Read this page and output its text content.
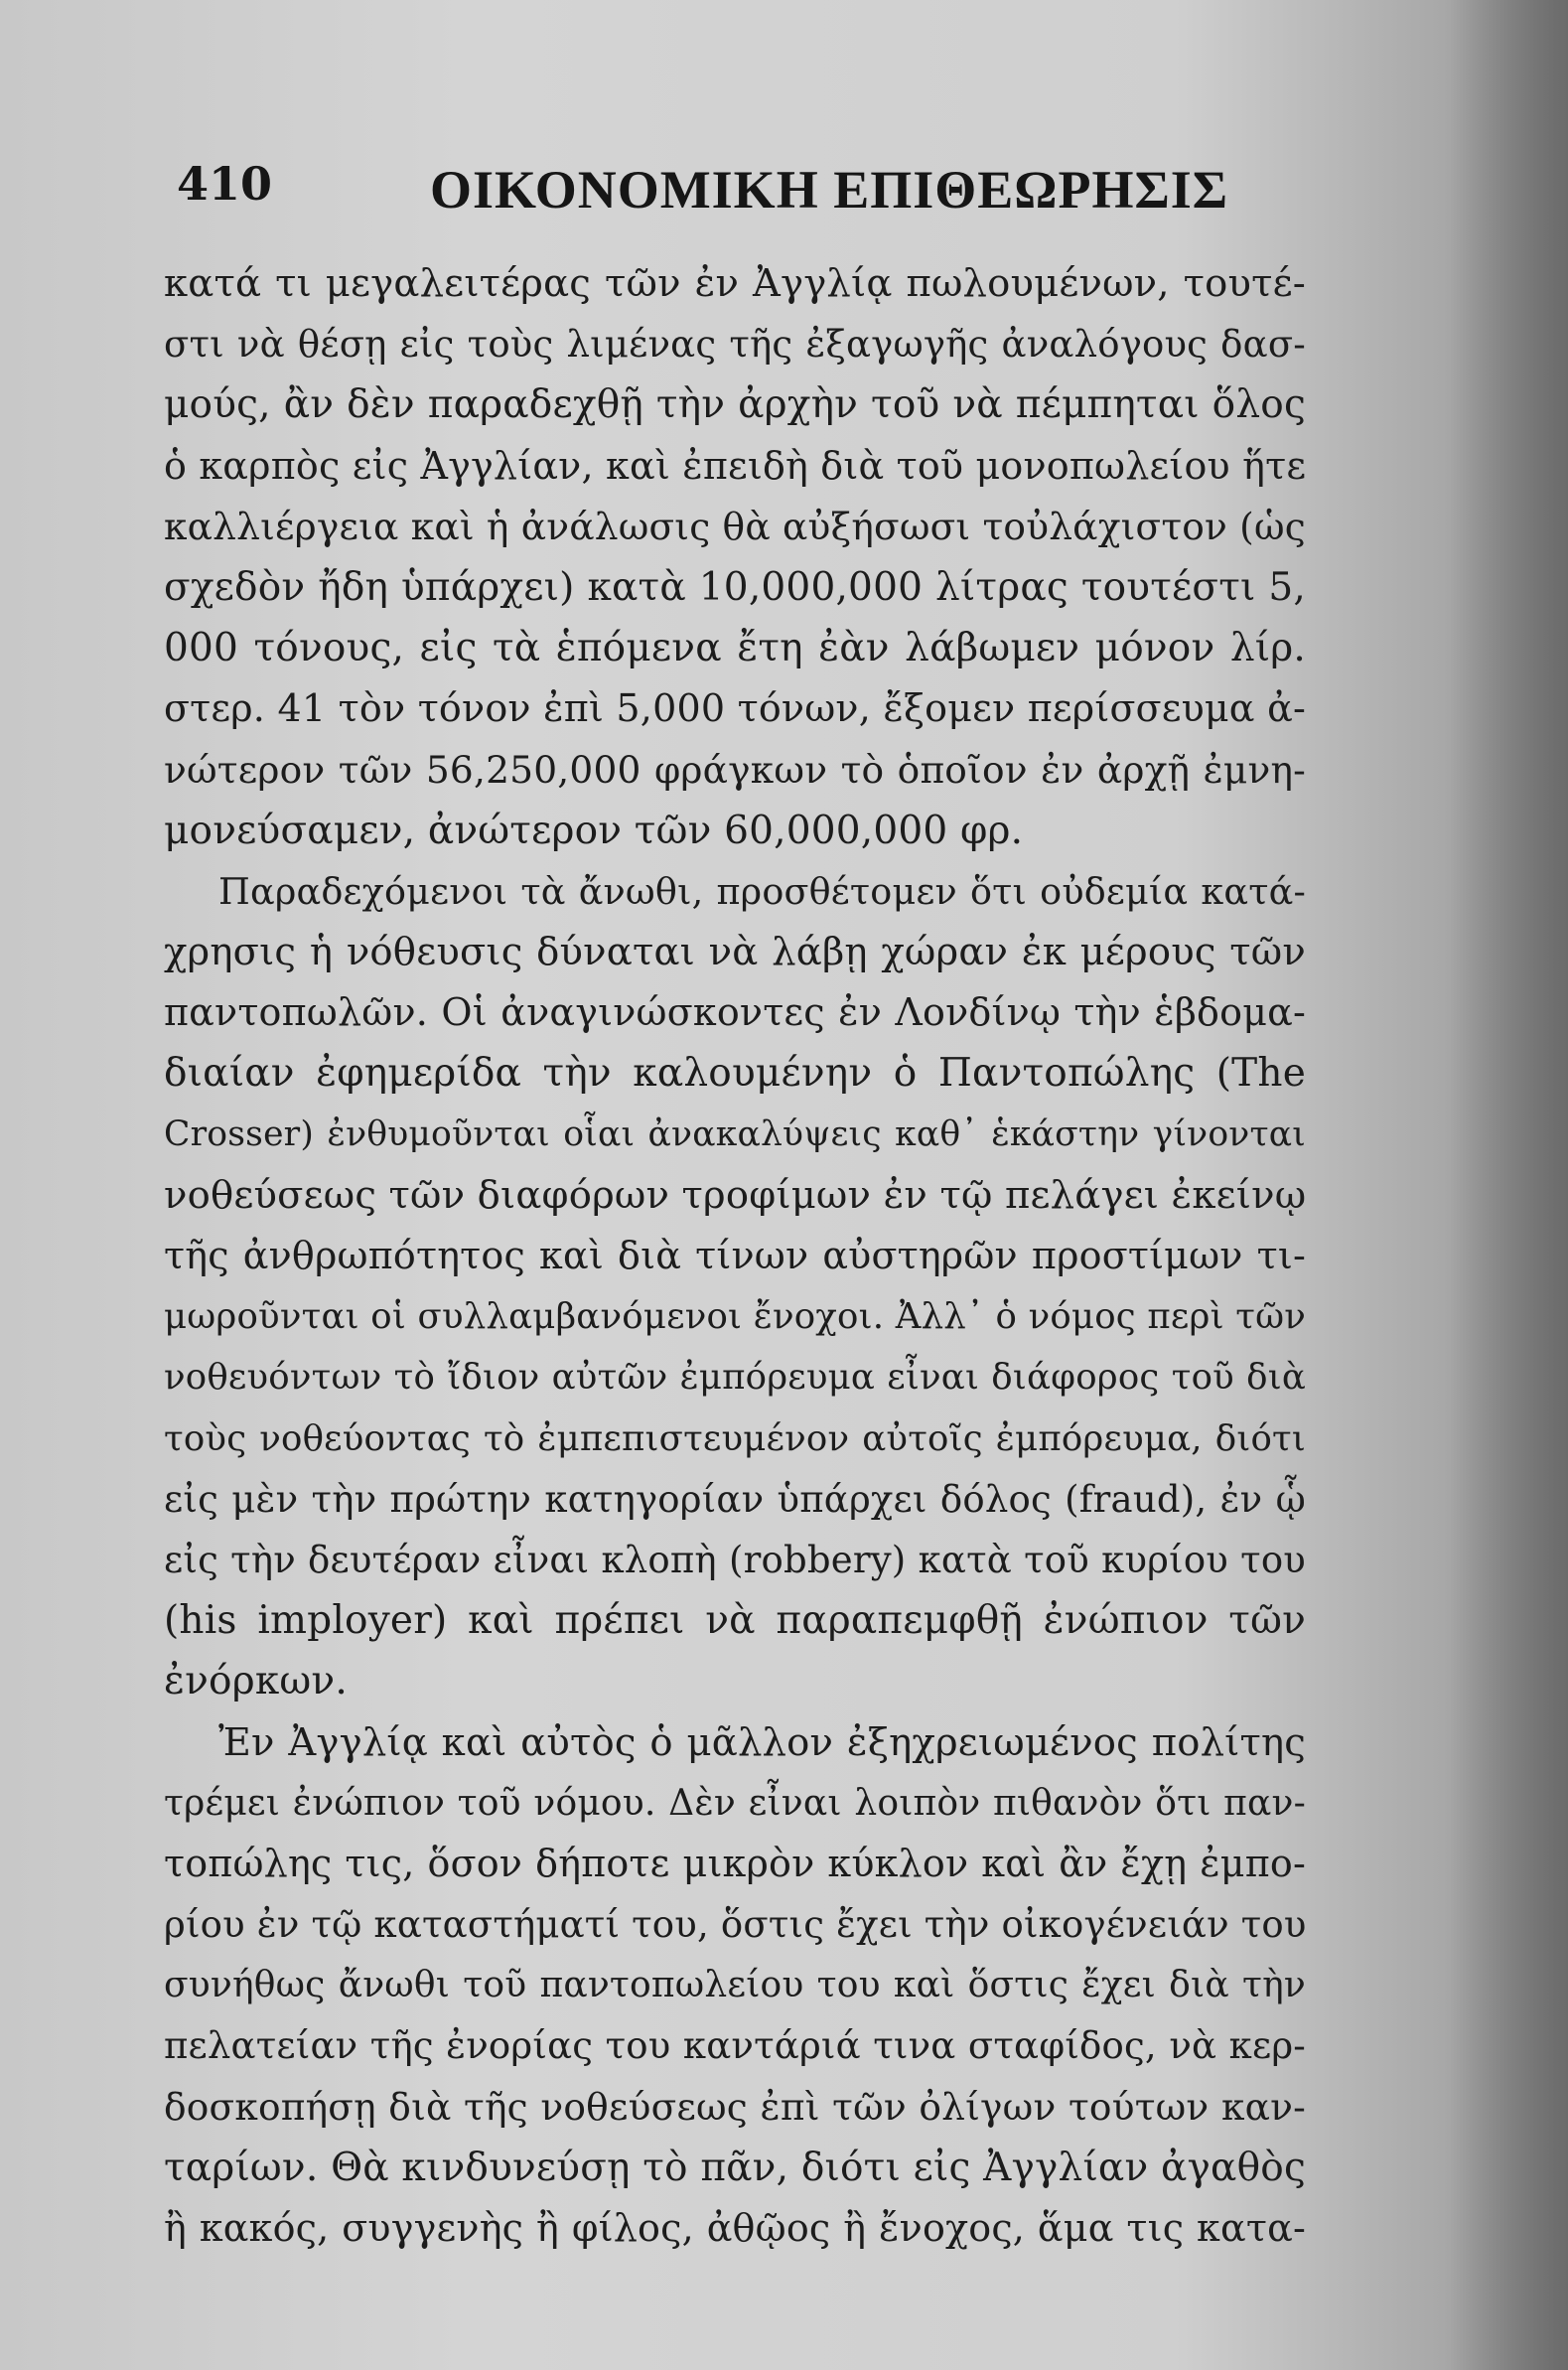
410	ΟΙΚΟΝΟΜΙΚΗ ΕΠΙΘΕΩΡΗΣΙΣ
κατά τι μεγαλειτέρας τῶν ἐν Ἀγγλίᾳ πωλουμένων, τουτέ-
στι νὰ θέσῃ εἰς τοὺς λιμένας τῆς ἐξαγωγῆς ἀναλόγους δασ-
μούς, ἂν δὲν παραδεχθῇ τὴν ἀρχὴν τοῦ νὰ πέμπηται ὅλος
ὁ καρπὸς εἰς Ἀγγλίαν, καὶ ἐπειδὴ διὰ τοῦ μονοπωλείου ἥτε
καλλιέργεια καὶ ἡ ἀνάλωσις θὰ αὐξήσωσι τοὐλάχιστον (ὡς
σχεδὸν ἤδη ὑπάρχει) κατὰ 10,000,000 λίτρας τουτέστι 5,
000 τόνους, εἰς τὰ ἑπόμενα ἔτη ἐὰν λάβωμεν μόνον λίρ.
στερ. 41 τὸν τόνον ἐπὶ 5,000 τόνων, ἔξομεν περίσσευμα ἀ-
νώτερον τῶν 56,250,000 φράγκων τὸ ὁποῖον ἐν ἀρχῇ ἐμνη-
μονεύσαμεν, ἀνώτερον τῶν 60,000,000 φρ.
Παραδεχόμενοι τὰ ἄνωθι, προσθέτομεν ὅτι οὐδεμία κατά-
χρησις ἡ νόθευσις δύναται νὰ λάβῃ χώραν ἐκ μέρους τῶν
παντοπωλῶν. Οἱ ἀναγινώσκοντες ἐν Λονδίνῳ τὴν ἑβδομα-
διαίαν ἐφημερίδα τὴν καλουμένην ὁ Παντοπώλης (The
Crosser) ἐνθυμοῦνται οἷαι ἀνακαλύψεις καθ᾽ ἑκάστην γίνονται
νοθεύσεως τῶν διαφόρων τροφίμων ἐν τῷ πελάγει ἐκείνῳ
τῆς ἀνθρωπότητος καὶ διὰ τίνων αὐστηρῶν προστίμων τι-
μωροῦνται οἱ συλλαμβανόμενοι ἔνοχοι. Ἀλλ᾽ ὁ νόμος περὶ τῶν
νοθευόντων τὸ ἴδιον αὐτῶν ἐμπόρευμα εἶναι διάφορος τοῦ διὰ
τοὺς νοθεύοντας τὸ ἐμπεπιστευμένον αὐτοῖς ἐμπόρευμα, διότι
εἰς μὲν τὴν πρώτην κατηγορίαν ὑπάρχει δόλος (fraud), ἐν ᾧ
εἰς τὴν δευτέραν εἶναι κλοπὴ (robbery) κατὰ τοῦ κυρίου του
(his imployer) καὶ πρέπει νὰ παραπεμφθῇ ἐνώπιον τῶν
ἐνόρκων.
Ἐν Ἀγγλίᾳ καὶ αὐτὸς ὁ μᾶλλον ἐξηχρειωμένος πολίτης
τρέμει ἐνώπιον τοῦ νόμου. Δὲν εἶναι λοιπὸν πιθανὸν ὅτι παν-
τοπώλης τις, ὅσον δήποτε μικρὸν κύκλον καὶ ἂν ἔχῃ ἐμπο-
ρίου ἐν τῷ καταστήματί του, ὅστις ἔχει τὴν οἰκογένειάν του
συνήθως ἄνωθι τοῦ παντοπωλείου του καὶ ὅστις ἔχει διὰ τὴν
πελατείαν τῆς ἐνορίας του καντάριά τινα σταφίδος, νὰ κερ-
δοσκοπήσῃ διὰ τῆς νοθεύσεως ἐπὶ τῶν ὀλίγων τούτων καν-
ταρίων. Θὰ κινδυνεύσῃ τὸ πᾶν, διότι εἰς Ἀγγλίαν ἀγαθὸς
ἢ κακός, συγγενὴς ἢ φίλος, ἀθῷος ἢ ἔνοχος, ἅμα τις κατα-
